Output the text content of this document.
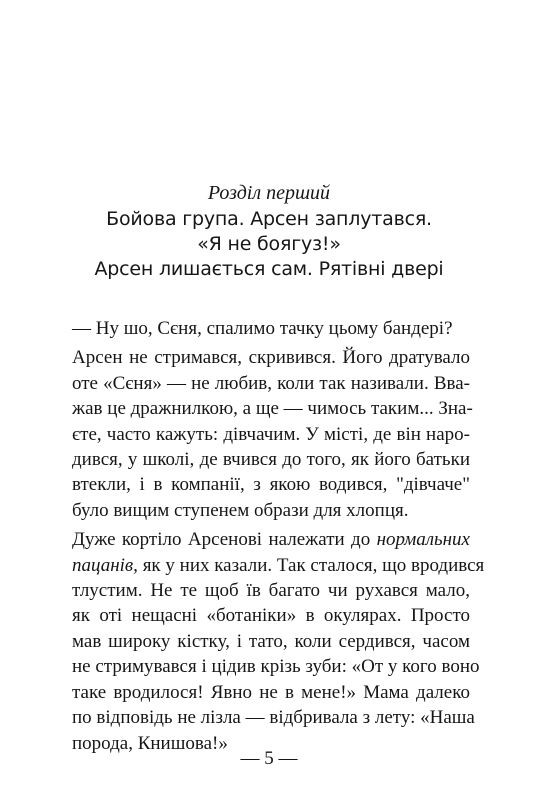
Розділ перший

Бойова група. Арсен заплутався.
«Я не боягуз!»
Арсен лишається сам. Рятівні двері

— Ну шо, Сєня, спалимо тачку цьому бандері?

Арсен не стримався, скривився. Його дратувало
оте «Сєня» — не любив, коли так називали. Вва-
жав це дражнилкою, а ще — чимось таким... Зна-
єте, часто кажуть: дівчачим. У місті, де він наро-
дився, у школі, де вчився до того, як його батьки
втекли, і в компанії, з якою водився, "дівчаче"
було вищим ступенем образи для хлопця.

Дуже кортіло Арсенові належати до нормальних
пацанів, як у них казали. Так сталося, що вродився
тлустим. Не те щоб їв багато чи рухався мало,
як оті нещасні «ботаніки» в окулярах. Просто
мав широку кістку, і тато, коли сердився, часом
не стримувався і цідив крізь зуби: «От у кого воно
таке вродилося! Явно не в мене!» Мама далеко
по відповідь не лізла — відбривала з лету: «Наша
порода, Книшова!»

— 5 —
